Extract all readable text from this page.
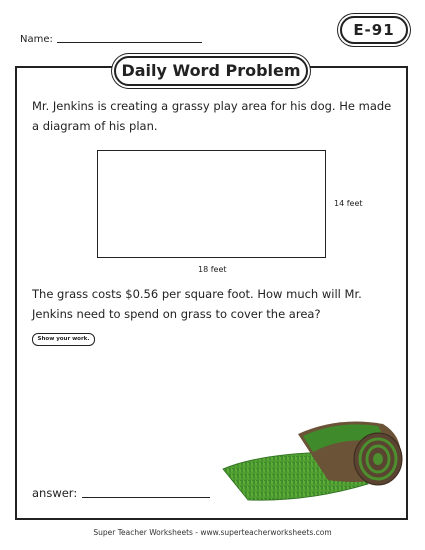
Name:
E-91
Daily Word Problem
Mr. Jenkins is creating a grassy play area for his dog. He made a diagram of his plan.
14 feet
18 feet
The grass costs $0.56 per square foot. How much will Mr. Jenkins need to spend on grass to cover the area?
Show your work.
answer:
Super Teacher Worksheets - www.superteacherworksheets.com
